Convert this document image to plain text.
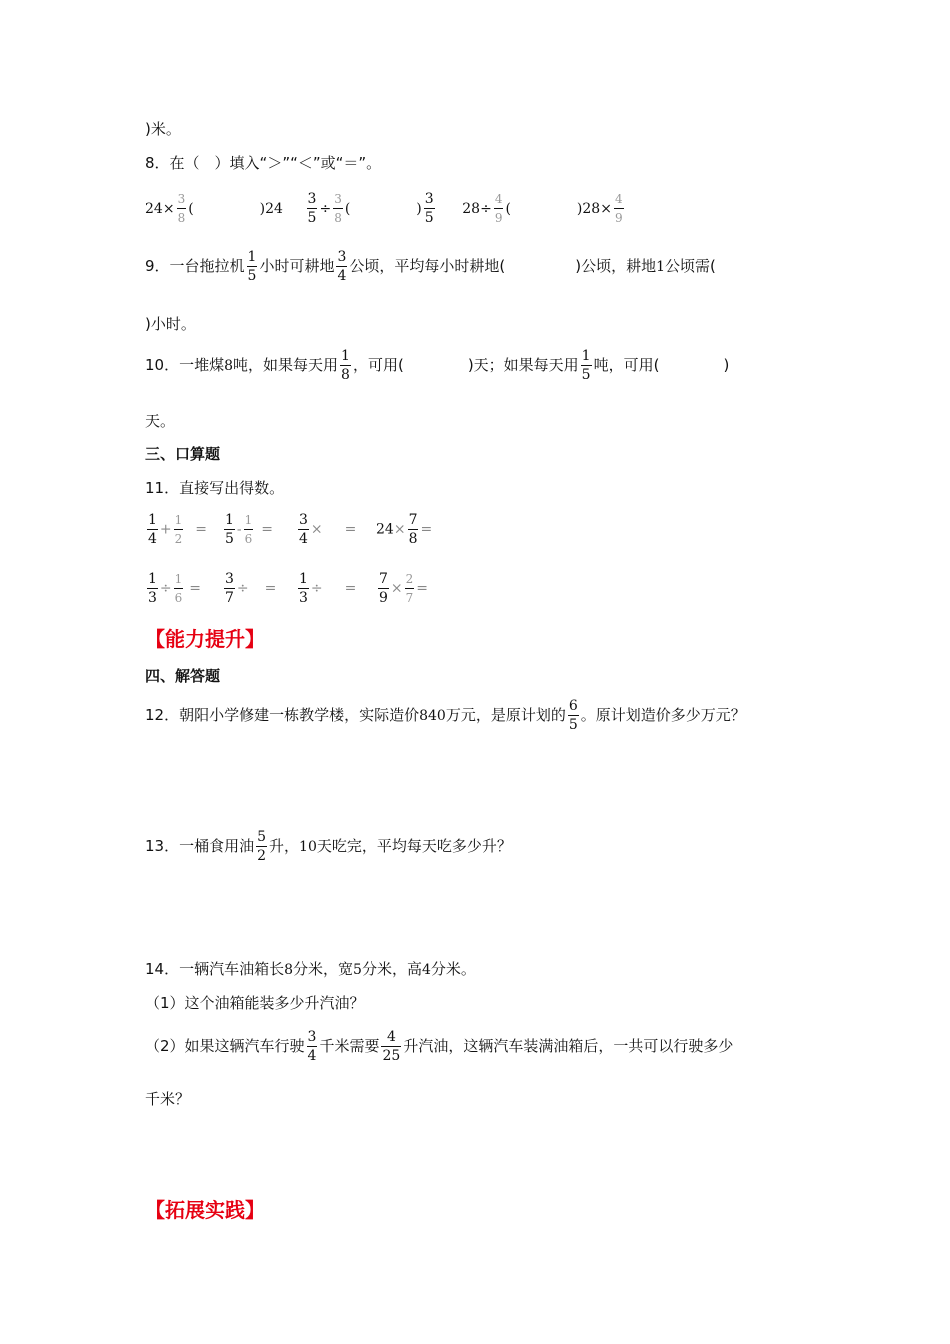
)米。
8．在（　）填入“＞”“＜”或“＝”。
$24\times \frac{3}{8}$ (	)$24 \frac{3}{5} \div \frac{3}{8}$ (	) $\frac{3}{5} 28\div \frac{4}{9}$ (	)$28\times \frac{4}{9}$
9．一台拖拉机 $\frac{1}{5}$ 小时可耕地 $\frac{3}{4}$ 公顷，平均每小时耕地(	)公顷，耕地1公顷需(
)小时。
10．一堆煤8吨，如果每天用 $\frac{1}{8}$ ，可用(	)天；如果每天用 $\frac{1}{5}$ 吨，可用(	)
天。
三、口算题
11．直接写出得数。
$\frac{1}{4} + \frac{1}{2} = \frac{1}{5} - \frac{1}{6} = \frac{3}{4}$ × = $24\times \frac{7}{8}$ =
$\frac{1}{3} \div \frac{1}{6} = \frac{3}{7}$ ÷ = $\frac{1}{3}$ ÷ = $\frac{7}{9} \times \frac{2}{7}$ =
【能力提升】
四、解答题
12．朝阳小学修建一栋教学楼，实际造价840万元，是原计划的 $\frac{6}{5}$ 。原计划造价多少万元？
13．一桶食用油 $\frac{5}{2}$ 升，10天吃完，平均每天吃多少升？
14．一辆汽车油箱长8分米，宽5分米，高4分米。
（1）这个油箱能装多少升汽油？
（2）如果这辆汽车行驶 $\frac{3}{4}$ 千米需要 $\frac{4}{25}$ 升汽油，这辆汽车装满油箱后，一共可以行驶多少
千米？
【拓展实践】
